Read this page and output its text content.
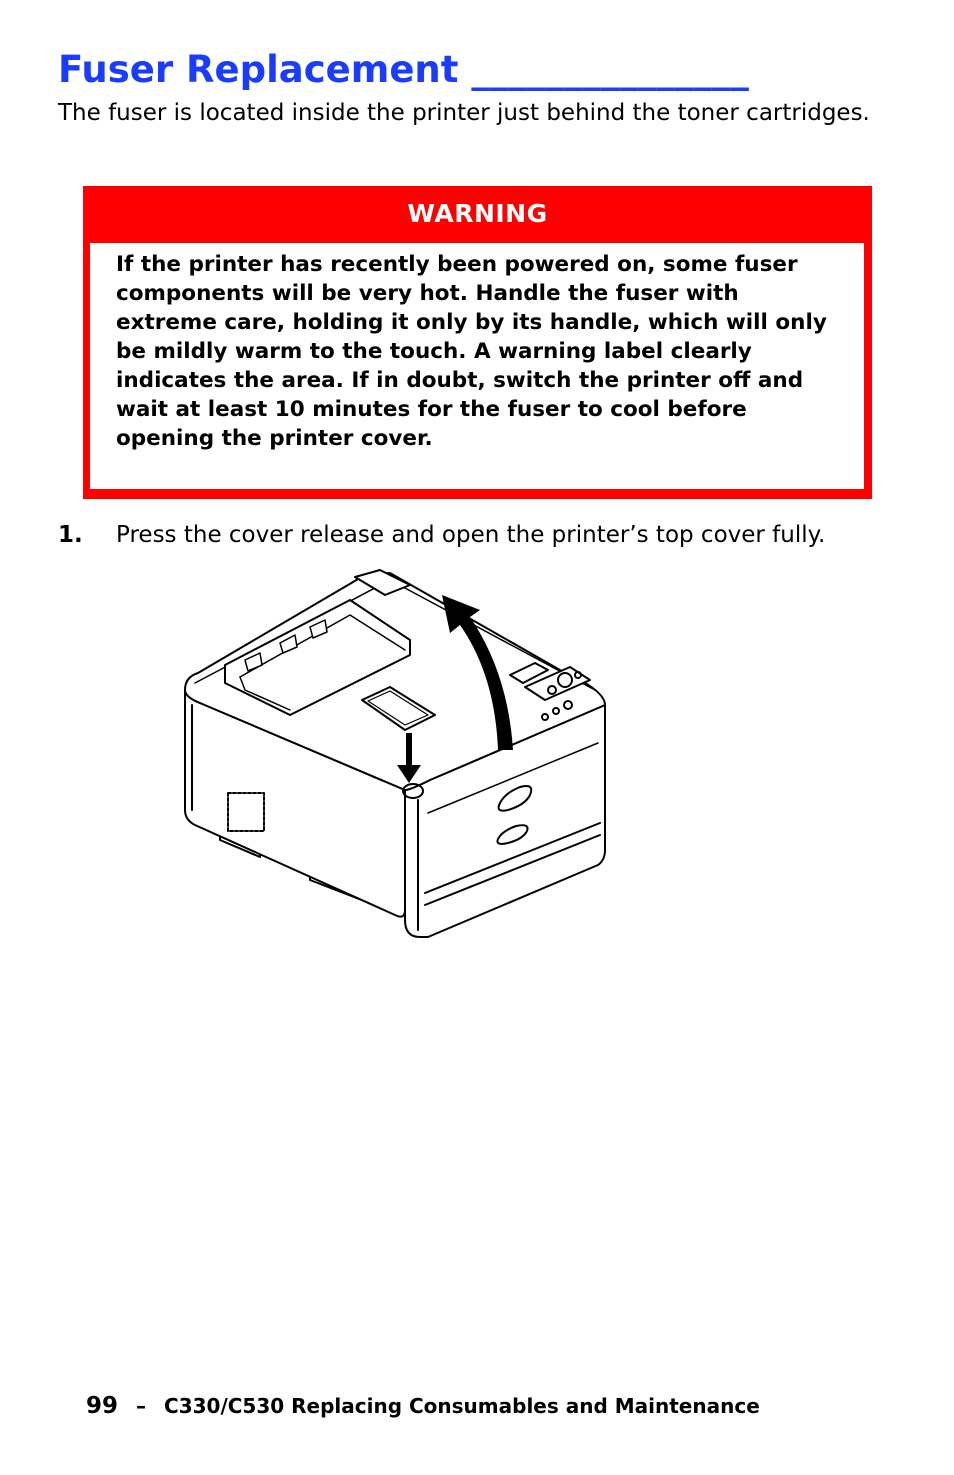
Fuser Replacement _______________

The fuser is located inside the printer just behind the toner cartridges.

WARNING
If the printer has recently been powered on, some fuser components will be very hot. Handle the fuser with extreme care, holding it only by its handle, which will only be mildly warm to the touch. A warning label clearly indicates the area. If in doubt, switch the printer off and wait at least 10 minutes for the fuser to cool before opening the printer cover.
1. Press the cover release and open the printer’s top cover fully.
99 – C330/C530 Replacing Consumables and Maintenance
